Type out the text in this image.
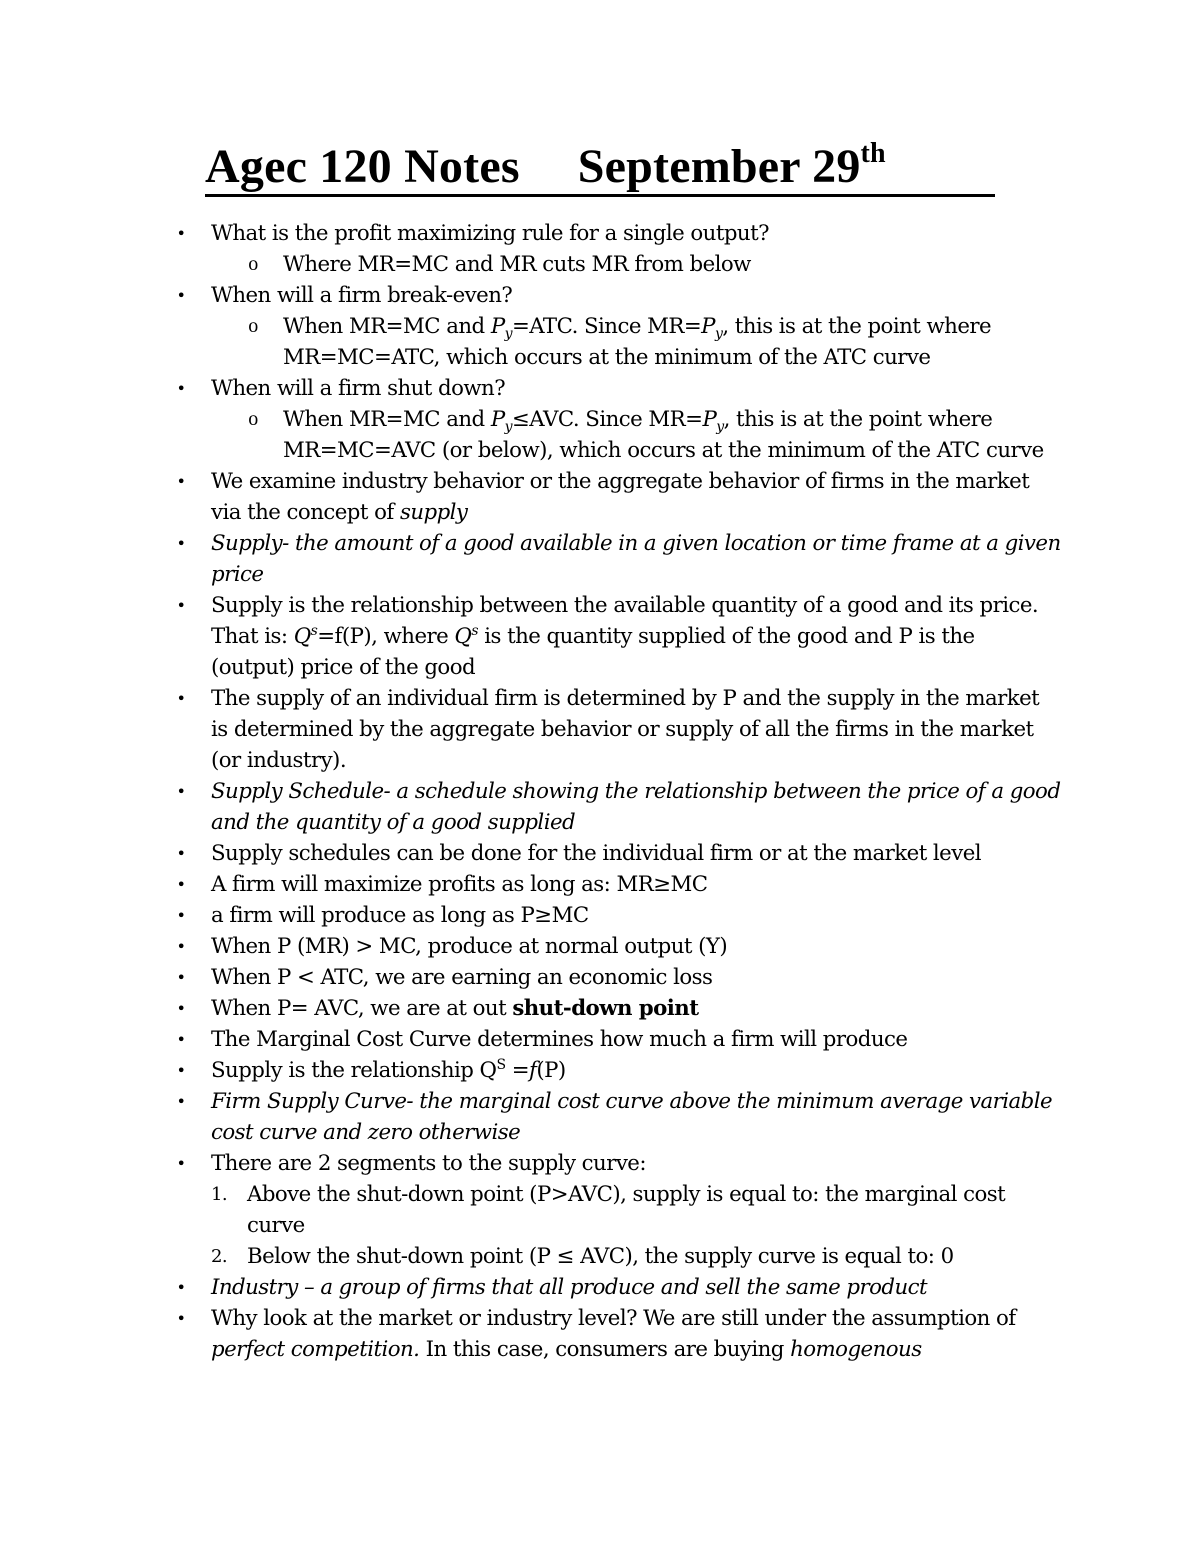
Agec 120 Notes September 29th
• What is the profit maximizing rule for a single output?
o Where MR=MC and MR cuts MR from below
• When will a firm break-even?
o When MR=MC and $P_y=ATC$. Since $MR=P_y$, this is at the point where MR=MC=ATC, which occurs at the minimum of the ATC curve
• When will a firm shut down?
o When MR=MC and $P_y\le AVC$. Since $MR=P_y$, this is at the point where MR=MC=AVC (or below), which occurs at the minimum of the ATC curve
• We examine industry behavior or the aggregate behavior of firms in the market via the concept of supply
• Supply- the amount of a good available in a given location or time frame at a given price
• Supply is the relationship between the available quantity of a good and its price. That is: $Q^s=f(P)$, where $Q^s$ is the quantity supplied of the good and P is the (output) price of the good
• The supply of an individual firm is determined by P and the supply in the market is determined by the aggregate behavior or supply of all the firms in the market (or industry).
• Supply Schedule- a schedule showing the relationship between the price of a good and the quantity of a good supplied
• Supply schedules can be done for the individual firm or at the market level
• A firm will maximize profits as long as: MR≥MC
• a firm will produce as long as P≥MC
• When P (MR) > MC, produce at normal output (Y)
• When P < ATC, we are earning an economic loss
• When P= AVC, we are at out shut-down point
• The Marginal Cost Curve determines how much a firm will produce
• Supply is the relationship $Q^S =f(P)$
• Firm Supply Curve- the marginal cost curve above the minimum average variable cost curve and zero otherwise
• There are 2 segments to the supply curve:
1. Above the shut-down point (P>AVC), supply is equal to: the marginal cost curve
2. Below the shut-down point (P ≤ AVC), the supply curve is equal to: 0
• Industry – a group of firms that all produce and sell the same product
• Why look at the market or industry level? We are still under the assumption of perfect competition. In this case, consumers are buying homogenous
